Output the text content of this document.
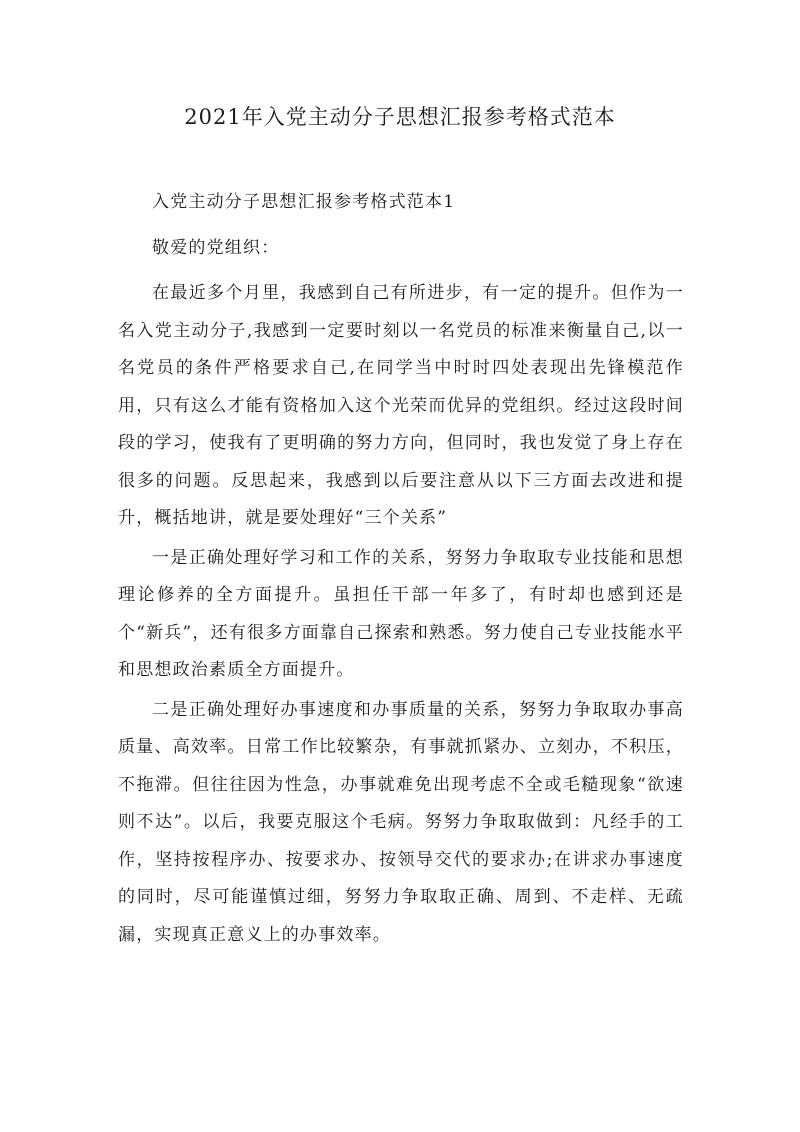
2021年入党主动分子思想汇报参考格式范本

入党主动分子思想汇报参考格式范本1

敬爱的党组织：

在最近多个月里，我感到自己有所进步，有一定的提升。但作为一名入党主动分子,我感到一定要时刻以一名党员的标准来衡量自己,以一名党员的条件严格要求自己,在同学当中时时四处表现出先锋模范作用，只有这么才能有资格加入这个光荣而优异的党组织。经过这段时间段的学习，使我有了更明确的努力方向，但同时，我也发觉了身上存在很多的问题。反思起来，我感到以后要注意从以下三方面去改进和提升，概括地讲，就是要处理好“三个关系”

一是正确处理好学习和工作的关系，努努力争取取专业技能和思想理论修养的全方面提升。虽担任干部一年多了，有时却也感到还是个“新兵”，还有很多方面靠自己探索和熟悉。努力使自己专业技能水平和思想政治素质全方面提升。

二是正确处理好办事速度和办事质量的关系，努努力争取取办事高质量、高效率。日常工作比较繁杂，有事就抓紧办、立刻办，不积压，不拖滞。但往往因为性急，办事就难免出现考虑不全或毛糙现象“欲速则不达”。以后，我要克服这个毛病。努努力争取取做到：凡经手的工作，坚持按程序办、按要求办、按领导交代的要求办;在讲求办事速度的同时，尽可能谨慎过细，努努力争取取正确、周到、不走样、无疏漏，实现真正意义上的办事效率。
